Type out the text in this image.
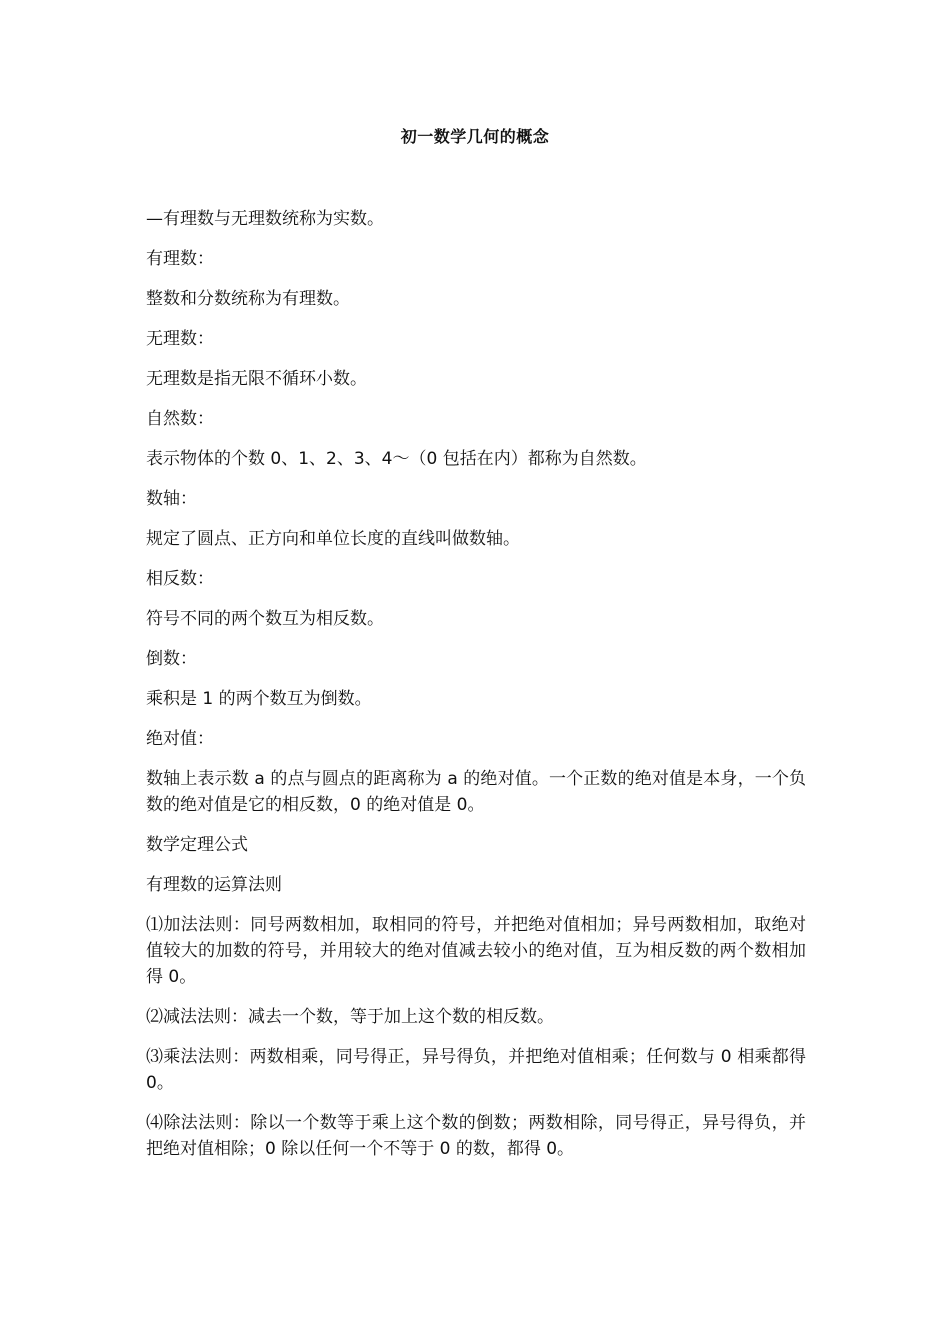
初一数学几何的概念

—有理数与无理数统称为实数。

有理数：

整数和分数统称为有理数。

无理数：

无理数是指无限不循环小数。

自然数：

表示物体的个数 0、1、2、3、4～（0 包括在内）都称为自然数。

数轴：

规定了圆点、正方向和单位长度的直线叫做数轴。

相反数：

符号不同的两个数互为相反数。

倒数：

乘积是 1 的两个数互为倒数。

绝对值：

数轴上表示数 a 的点与圆点的距离称为 a 的绝对值。一个正数的绝对值是本身，一个负数的绝对值是它的相反数，0 的绝对值是 0。

数学定理公式

有理数的运算法则

⑴加法法则：同号两数相加，取相同的符号，并把绝对值相加；异号两数相加，取绝对值较大的加数的符号，并用较大的绝对值减去较小的绝对值，互为相反数的两个数相加得 0。

⑵减法法则：减去一个数，等于加上这个数的相反数。

⑶乘法法则：两数相乘，同号得正，异号得负，并把绝对值相乘；任何数与 0 相乘都得 0。

⑷除法法则：除以一个数等于乘上这个数的倒数；两数相除，同号得正，异号得负，并把绝对值相除；0 除以任何一个不等于 0 的数，都得 0。
